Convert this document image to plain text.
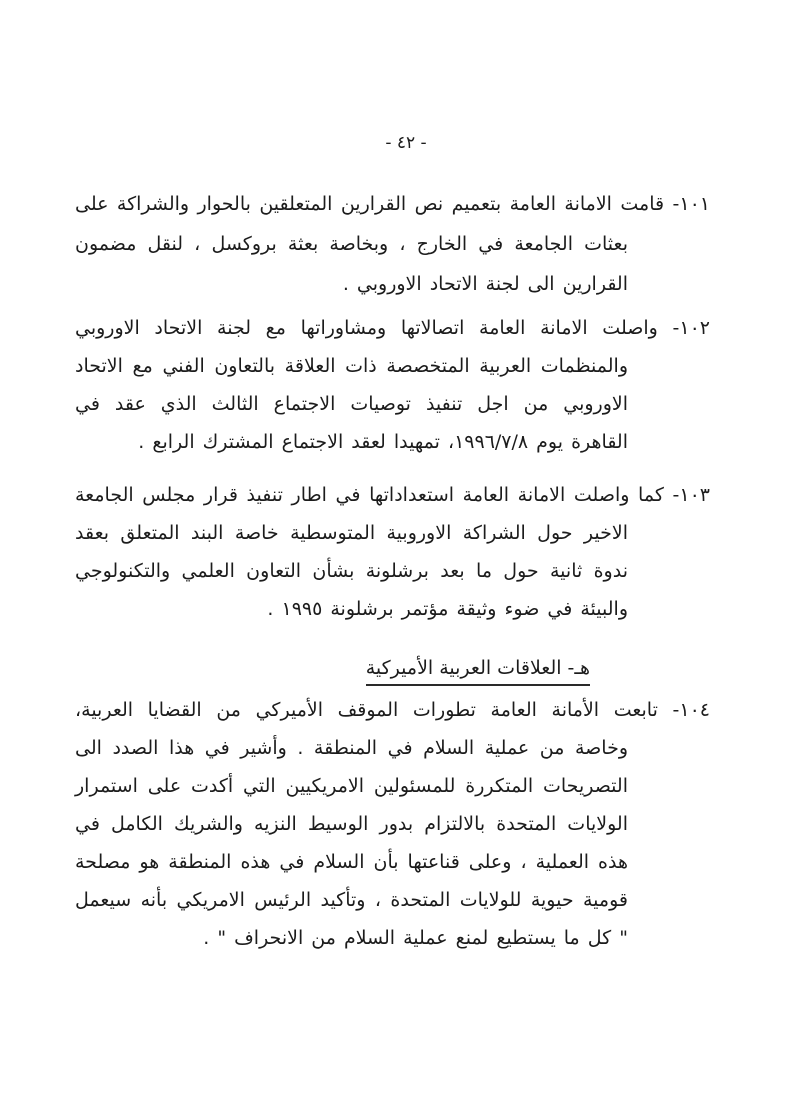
- ٤٢ -
١٠١- قامت الامانة العامة بتعميم نص القرارين المتعلقين بالحوار والشراكة على بعثات الجامعة في الخارج ، وبخاصة بعثة بروكسل ، لنقل مضمون القرارين الى لجنة الاتحاد الاوروبي .
١٠٢- واصلت الامانة العامة اتصالاتها ومشاوراتها مع لجنة الاتحاد الاوروبي والمنظمات العربية المتخصصة ذات العلاقة بالتعاون الفني مع الاتحاد الاوروبي من اجل تنفيذ توصيات الاجتماع الثالث الذي عقد في القاهرة يوم ١٩٩٦/٧/٨، تمهيدا لعقد الاجتماع المشترك الرابع .
١٠٣- كما واصلت الامانة العامة استعداداتها في اطار تنفيذ قرار مجلس الجامعة الاخير حول الشراكة الاوروبية المتوسطية خاصة البند المتعلق بعقد ندوة ثانية حول ما بعد برشلونة بشأن التعاون العلمي والتكنولوجي والبيئة في ضوء وثيقة مؤتمر برشلونة ١٩٩٥ .
هـ- العلاقات العربية الأميركية
١٠٤- تابعت الأمانة العامة تطورات الموقف الأميركي من القضايا العربية، وخاصة من عملية السلام في المنطقة . وأشير في هذا الصدد الى التصريحات المتكررة للمسئولين الامريكيين التي أكدت على استمرار الولايات المتحدة بالالتزام بدور الوسيط النزيه والشريك الكامل في هذه العملية ، وعلى قناعتها بأن السلام في هذه المنطقة هو مصلحة قومية حيوية للولايات المتحدة ، وتأكيد الرئيس الامريكي بأنه سيعمل " كل ما يستطيع لمنع عملية السلام من الانحراف " .
